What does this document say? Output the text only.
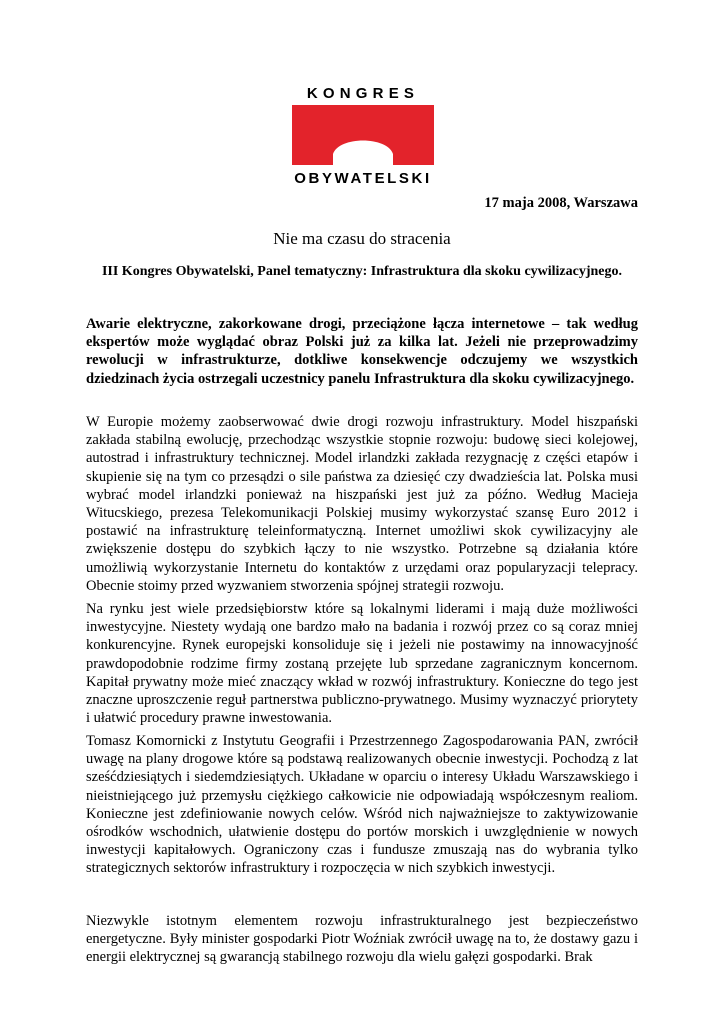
KONGRES
OBYWATELSKI
17 maja 2008, Warszawa
Nie ma czasu do stracenia
III Kongres Obywatelski, Panel tematyczny: Infrastruktura dla skoku cywilizacyjnego.

Awarie elektryczne, zakorkowane drogi, przeciążone łącza internetowe – tak według ekspertów może wyglądać obraz Polski już za kilka lat. Jeżeli nie przeprowadzimy rewolucji w infrastrukturze, dotkliwe konsekwencje odczujemy we wszystkich dziedzinach życia ostrzegali uczestnicy panelu Infrastruktura dla skoku cywilizacyjnego.

W Europie możemy zaobserwować dwie drogi rozwoju infrastruktury. Model hiszpański zakłada stabilną ewolucję, przechodząc wszystkie stopnie rozwoju: budowę sieci kolejowej, autostrad i infrastruktury technicznej. Model irlandzki zakłada rezygnację z części etapów i skupienie się na tym co przesądzi o sile państwa za dziesięć czy dwadzieścia lat. Polska musi wybrać model irlandzki ponieważ na hiszpański jest już za późno. Według Macieja Witucskiego, prezesa Telekomunikacji Polskiej musimy wykorzystać szansę Euro 2012 i postawić na infrastrukturę teleinformatyczną. Internet umożliwi skok cywilizacyjny ale zwiększenie dostępu do szybkich łączy to nie wszystko. Potrzebne są działania które umożliwią wykorzystanie Internetu do kontaktów z urzędami oraz popularyzacji telepracy. Obecnie stoimy przed wyzwaniem stworzenia spójnej strategii rozwoju.

Na rynku jest wiele przedsiębiorstw które są lokalnymi liderami i mają duże możliwości inwestycyjne. Niestety wydają one bardzo mało na badania i rozwój przez co są coraz mniej konkurencyjne. Rynek europejski konsoliduje się i jeżeli nie postawimy na innowacyjność prawdopodobnie rodzime firmy zostaną przejęte lub sprzedane zagranicznym koncernom. Kapitał prywatny może mieć znaczący wkład w rozwój infrastruktury. Konieczne do tego jest znaczne uproszczenie reguł partnerstwa publiczno-prywatnego. Musimy wyznaczyć priorytety i ułatwić procedury prawne inwestowania.

Tomasz Komornicki z Instytutu Geografii i Przestrzennego Zagospodarowania PAN, zwrócił uwagę na plany drogowe które są podstawą realizowanych obecnie inwestycji. Pochodzą z lat sześćdziesiątych i siedemdziesiątych. Układane w oparciu o interesy Układu Warszawskiego i nieistniejącego już przemysłu ciężkiego całkowicie nie odpowiadają współczesnym realiom. Konieczne jest zdefiniowanie nowych celów. Wśród nich najważniejsze to zaktywizowanie ośrodków wschodnich, ułatwienie dostępu do portów morskich i uwzględnienie w nowych inwestycji kapitałowych. Ograniczony czas i fundusze zmuszają nas do wybrania tylko strategicznych sektorów infrastruktury i rozpoczęcia w nich szybkich inwestycji.

Niezwykle istotnym elementem rozwoju infrastrukturalnego jest bezpieczeństwo energetyczne. Były minister gospodarki Piotr Woźniak zwrócił uwagę na to, że dostawy gazu i energii elektrycznej są gwarancją stabilnego rozwoju dla wielu gałęzi gospodarki. Brak
